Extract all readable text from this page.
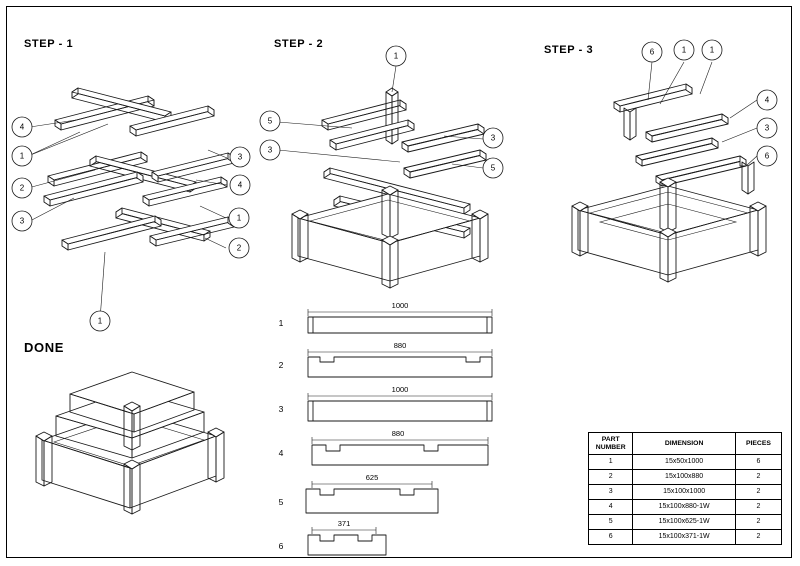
STEP - 1	STEP - 2	STEP - 3
DONE
4
1
2
3
3
4
1
2
1
1
5
3
3
5
6	1	1
4
3
6
1
1000
2
880
3
1000
4
880
5
625
6
371
PART NUMBER	DIMENSION	PIECES
1	15x50x1000	6
2	15x100x880	2
3	15x100x1000	2
4	15x100x880-1W	2
5	15x100x625-1W	2
6	15x100x371-1W	2
